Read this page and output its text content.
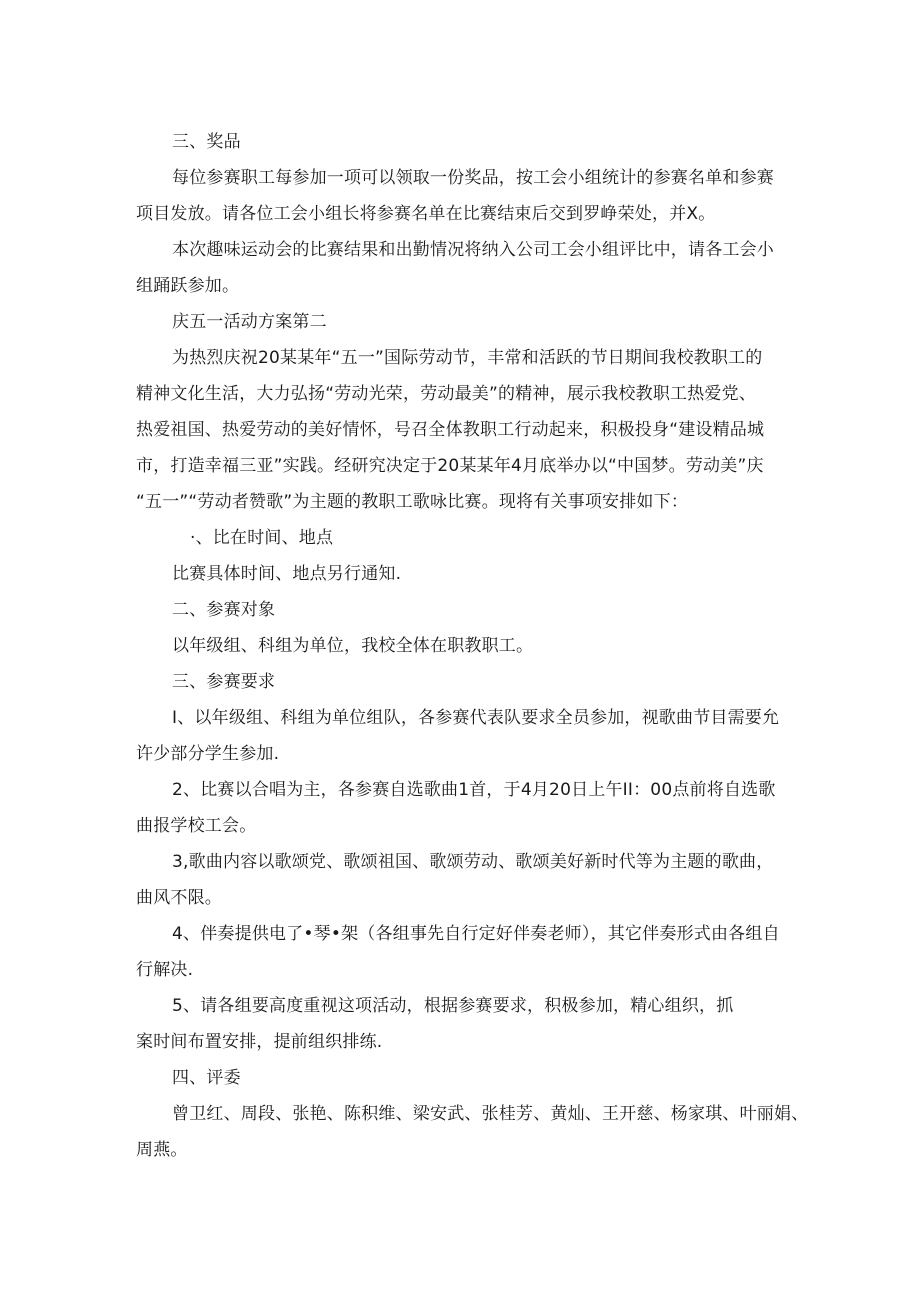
三、奖品
每位参赛职工每参加一项可以领取一份奖品，按工会小组统计的参赛名单和参赛
项目发放。请各位工会小组长将参赛名单在比赛结束后交到罗峥荣处，并X。
本次趣味运动会的比赛结果和出勤情况将纳入公司工会小组评比中，请各工会小
组踊跃参加。
庆五一活动方案第二
为热烈庆祝20某某年“五一”国际劳动节，丰常和活跃的节日期间我校教职工的
精神文化生活，大力弘扬“劳动光荣，劳动最美”的精神，展示我校教职工热爱党、
热爱祖国、热爱劳动的美好情怀，号召全体教职工行动起来，积极投身“建设精品城
市，打造幸福三亚”实践。经研究决定于20某某年4月底举办以“中国梦。劳动美”庆
“五一”“劳动者赞歌”为主题的教职工歌咏比赛。现将有关事项安排如下：
·、比在时间、地点
比赛具体时间、地点另行通知.
二、参赛对象
以年级组、科组为单位，我校全体在职教职工。
三、参赛要求
I、以年级组、科组为单位组队，各参赛代表队要求全员参加，视歌曲节目需要允
许少部分学生参加.
2、比赛以合唱为主，各参赛自选歌曲1首，于4月20日上午II：00点前将自选歌
曲报学校工会。
3,歌曲内容以歌颂党、歌颂祖国、歌颂劳动、歌颂美好新时代等为主题的歌曲，
曲风不限。
4、伴奏提供电了•琴•架（各组事先自行定好伴奏老师），其它伴奏形式由各组自
行解决.
5、请各组要高度重视这项活动，根据参赛要求，积极参加，精心组织，抓
案时间布置安排，提前组织排练.
四、评委
曾卫红、周段、张艳、陈积维、梁安武、张桂芳、黄灿、王开慈、杨家琪、叶丽娟、
周燕。
